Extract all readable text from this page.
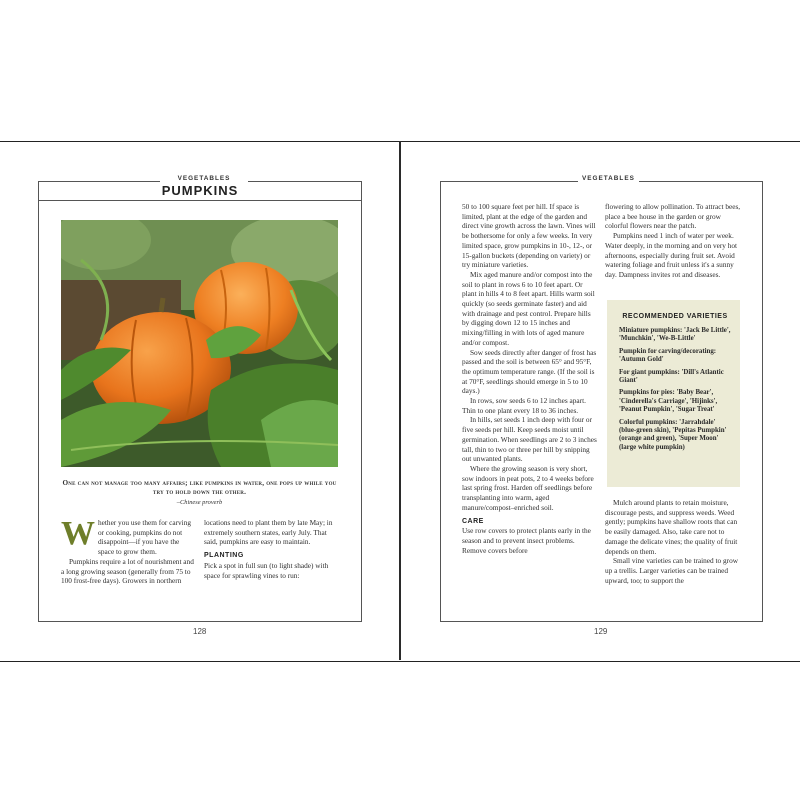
VEGETABLES
PUMPKINS
One can not manage too many affairs; like pumpkins in water, one pops up while you try to hold down the other.
–Chinese proverb

Whether you use them for carving or cooking, pumpkins do not disappoint—if you have the space to grow them.

Pumpkins require a lot of nourishment and a long growing season (generally from 75 to 100 frost-free days). Growers in northern

locations need to plant them by late May; in extremely southern states, early July. That said, pumpkins are easy to maintain.

PLANTING

Pick a spot in full sun (to light shade) with space for sprawling vines to run:

128
VEGETABLES

50 to 100 square feet per hill. If space is limited, plant at the edge of the garden and direct vine growth across the lawn. Vines will be bothersome for only a few weeks. In very limited space, grow pumpkins in 10-, 12-, or 15-gallon buckets (depending on variety) or try miniature varieties.

Mix aged manure and/or compost into the soil to plant in rows 6 to 10 feet apart. Or plant in hills 4 to 8 feet apart. Hills warm soil quickly (so seeds germinate faster) and aid with drainage and pest control. Prepare hills by digging down 12 to 15 inches and mixing/filling in with lots of aged manure and/or compost.

Sow seeds directly after danger of frost has passed and the soil is between 65° and 95°F, the optimum temperature range. (If the soil is at 70°F, seedlings should emerge in 5 to 10 days.)

In rows, sow seeds 6 to 12 inches apart. Thin to one plant every 18 to 36 inches.

In hills, set seeds 1 inch deep with four or five seeds per hill. Keep seeds moist until germination. When seedlings are 2 to 3 inches tall, thin to two or three per hill by snipping out unwanted plants.

Where the growing season is very short, sow indoors in peat pots, 2 to 4 weeks before last spring frost. Harden off seedlings before transplanting into warm, aged manure/compost–enriched soil.

CARE

Use row covers to protect plants early in the season and to prevent insect problems. Remove covers before

flowering to allow pollination. To attract bees, place a bee house in the garden or grow colorful flowers near the patch.

Pumpkins need 1 inch of water per week. Water deeply, in the morning and on very hot afternoons, especially during fruit set. Avoid watering foliage and fruit unless it's a sunny day. Dampness invites rot and diseases.

RECOMMENDED VARIETIES
Miniature pumpkins: 'Jack Be Little', 'Munchkin', 'We-B-Little'
Pumpkin for carving/decorating: 'Autumn Gold'
For giant pumpkins: 'Dill's Atlantic Giant'
Pumpkins for pies: 'Baby Bear', 'Cinderella's Carriage', 'Hijinks', 'Peanut Pumpkin', 'Sugar Treat'
Colorful pumpkins: 'Jarrahdale' (blue-green skin), 'Pepitas Pumpkin' (orange and green), 'Super Moon' (large white pumpkin)

Mulch around plants to retain moisture, discourage pests, and suppress weeds. Weed gently; pumpkins have shallow roots that can be easily damaged. Also, take care not to damage the delicate vines; the quality of fruit depends on them.

Small vine varieties can be trained to grow up a trellis. Larger varieties can be trained upward, too; to support the

129
